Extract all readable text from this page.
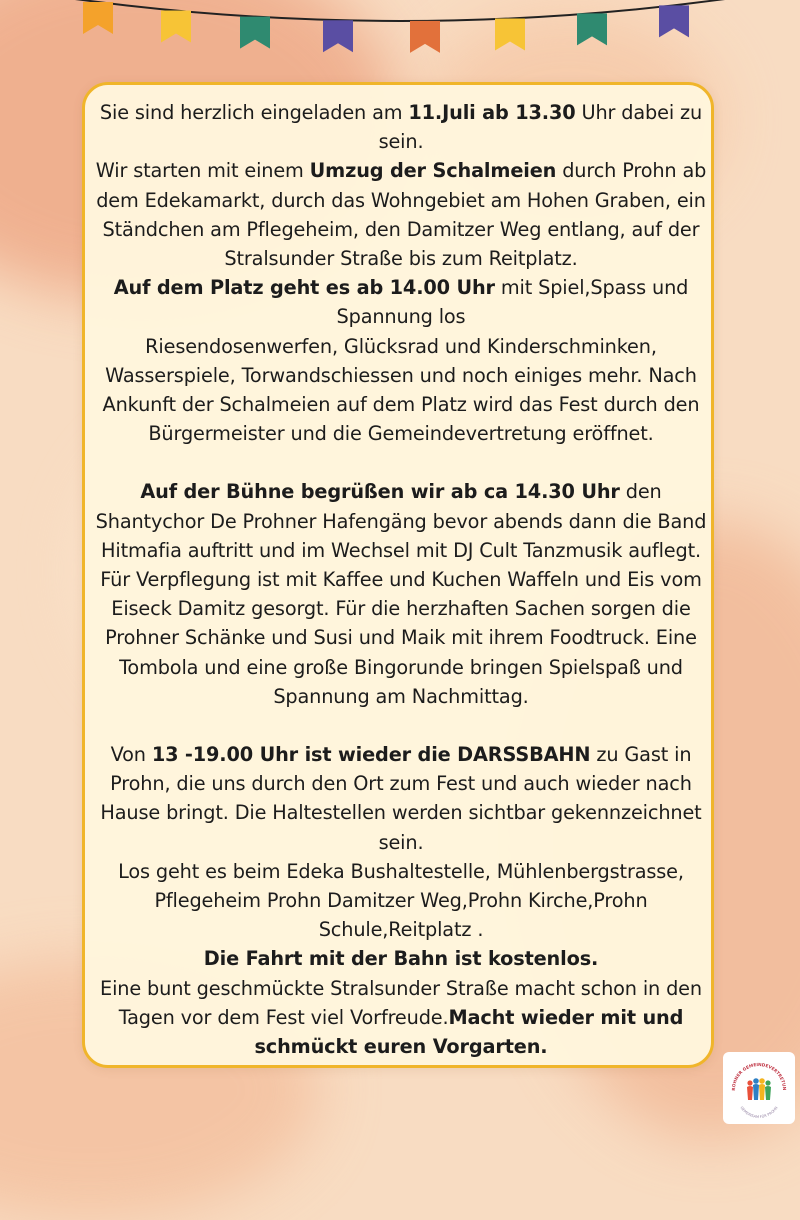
Sie sind herzlich eingeladen am 11.Juli ab 13.30 Uhr dabei zu sein.

Wir starten mit einem Umzug der Schalmeien durch Prohn ab dem Edekamarkt, durch das Wohngebiet am Hohen Graben, ein Ständchen am Pflegeheim, den Damitzer Weg entlang, auf der Stralsunder Straße bis zum Reitplatz.

Auf dem Platz geht es ab 14.00 Uhr mit Spiel,Spass und Spannung los

Riesendosenwerfen, Glücksrad und Kinderschminken, Wasserspiele, Torwandschiessen und noch einiges mehr. Nach Ankunft der Schalmeien auf dem Platz wird das Fest durch den Bürgermeister und die Gemeindevertretung eröffnet.

Auf der Bühne begrüßen wir ab ca 14.30 Uhr den Shantychor De Prohner Hafengäng bevor abends dann die Band Hitmafia auftritt und im Wechsel mit DJ Cult Tanzmusik auflegt. Für Verpflegung ist mit Kaffee und Kuchen Waffeln und Eis vom Eiseck Damitz gesorgt. Für die herzhaften Sachen sorgen die Prohner Schänke und Susi und Maik mit ihrem Foodtruck. Eine Tombola und eine große Bingorunde bringen Spielspaß und Spannung am Nachmittag.

Von 13 -19.00 Uhr ist wieder die DARSSBAHN zu Gast in Prohn, die uns durch den Ort zum Fest und auch wieder nach Hause bringt. Die Haltestellen werden sichtbar gekennzeichnet sein.

Los geht es beim Edeka Bushaltestelle, Mühlenbergstrasse, Pflegeheim Prohn Damitzer Weg,Prohn Kirche,Prohn Schule,Reitplatz .

Die Fahrt mit der Bahn ist kostenlos.

Eine bunt geschmückte Stralsunder Straße macht schon in den Tagen vor dem Fest viel Vorfreude.Macht wieder mit und schmückt euren Vorgarten.

ROHNER GEMEINDEVERTRETUN
GEMEINSAM FÜR PROHN
